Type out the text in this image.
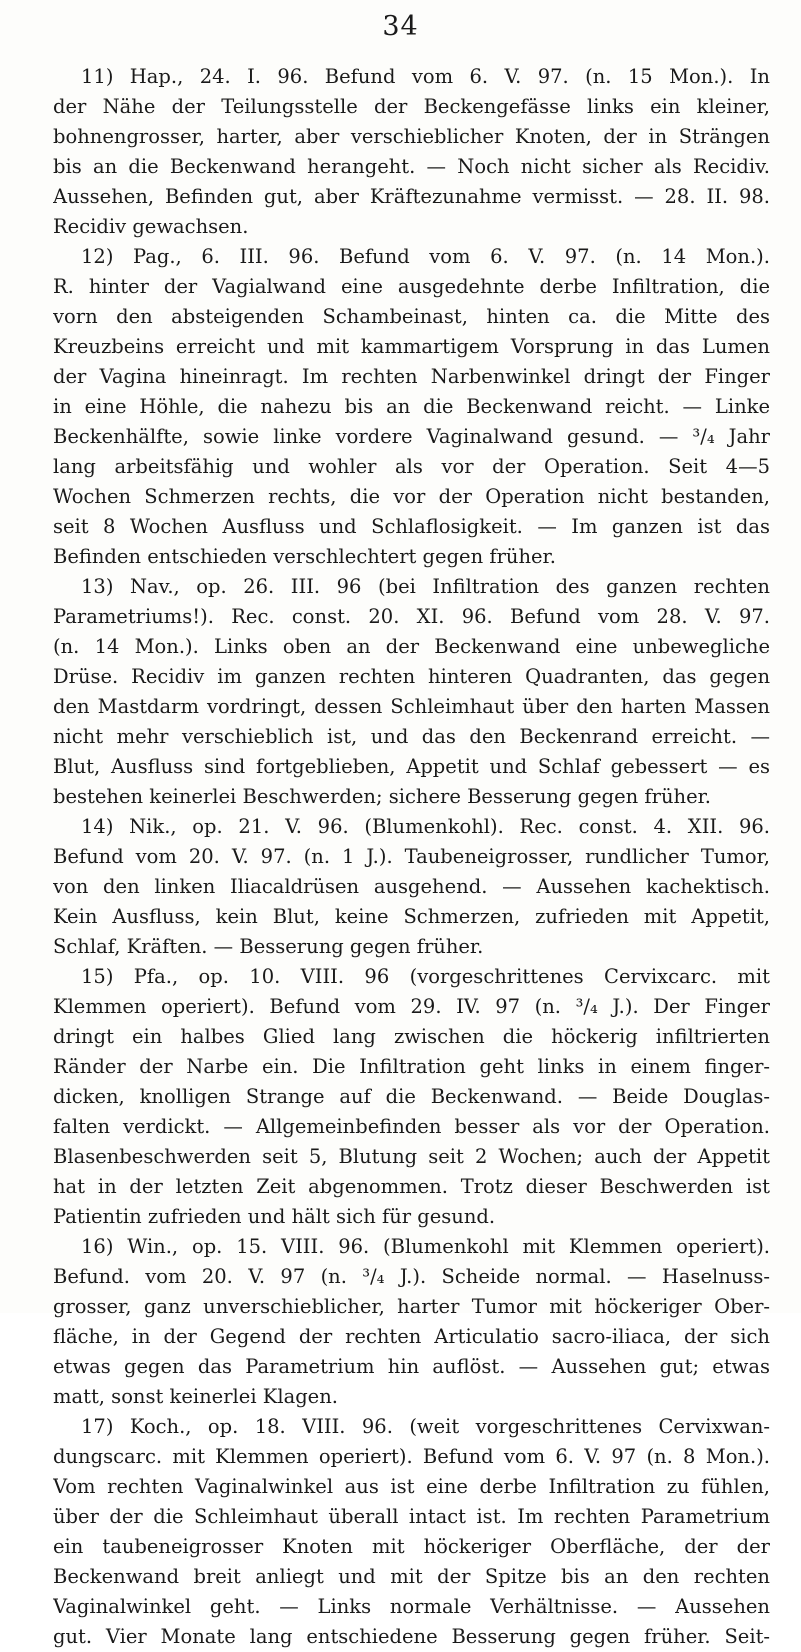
34
11) Hap., 24. I. 96. Befund vom 6. V. 97. (n. 15 Mon.). In
der Nähe der Teilungsstelle der Beckengefässe links ein kleiner,
bohnengrosser, harter, aber verschieblicher Knoten, der in Strängen
bis an die Beckenwand herangeht. — Noch nicht sicher als Recidiv.
Aussehen, Befinden gut, aber Kräftezunahme vermisst. — 28. II. 98.
Recidiv gewachsen.
12) Pag., 6. III. 96. Befund vom 6. V. 97. (n. 14 Mon.).
R. hinter der Vagialwand eine ausgedehnte derbe Infiltration, die
vorn den absteigenden Schambeinast, hinten ca. die Mitte des
Kreuzbeins erreicht und mit kammartigem Vorsprung in das Lumen
der Vagina hineinragt. Im rechten Narbenwinkel dringt der Finger
in eine Höhle, die nahezu bis an die Beckenwand reicht. — Linke
Beckenhälfte, sowie linke vordere Vaginalwand gesund. — ³/₄ Jahr
lang arbeitsfähig und wohler als vor der Operation. Seit 4—5
Wochen Schmerzen rechts, die vor der Operation nicht bestanden,
seit 8 Wochen Ausfluss und Schlaflosigkeit. — Im ganzen ist das
Befinden entschieden verschlechtert gegen früher.
13) Nav., op. 26. III. 96 (bei Infiltration des ganzen rechten
Parametriums!). Rec. const. 20. XI. 96. Befund vom 28. V. 97.
(n. 14 Mon.). Links oben an der Beckenwand eine unbewegliche
Drüse. Recidiv im ganzen rechten hinteren Quadranten, das gegen
den Mastdarm vordringt, dessen Schleimhaut über den harten Massen
nicht mehr verschieblich ist, und das den Beckenrand erreicht. —
Blut, Ausfluss sind fortgeblieben, Appetit und Schlaf gebessert — es
bestehen keinerlei Beschwerden; sichere Besserung gegen früher.
14) Nik., op. 21. V. 96. (Blumenkohl). Rec. const. 4. XII. 96.
Befund vom 20. V. 97. (n. 1 J.). Taubeneigrosser, rundlicher Tumor,
von den linken Iliacaldrüsen ausgehend. — Aussehen kachektisch.
Kein Ausfluss, kein Blut, keine Schmerzen, zufrieden mit Appetit,
Schlaf, Kräften. — Besserung gegen früher.
15) Pfa., op. 10. VIII. 96 (vorgeschrittenes Cervixcarc. mit
Klemmen operiert). Befund vom 29. IV. 97 (n. ³/₄ J.). Der Finger
dringt ein halbes Glied lang zwischen die höckerig infiltrierten
Ränder der Narbe ein. Die Infiltration geht links in einem finger-
dicken, knolligen Strange auf die Beckenwand. — Beide Douglas-
falten verdickt. — Allgemeinbefinden besser als vor der Operation.
Blasenbeschwerden seit 5, Blutung seit 2 Wochen; auch der Appetit
hat in der letzten Zeit abgenommen. Trotz dieser Beschwerden ist
Patientin zufrieden und hält sich für gesund.
16) Win., op. 15. VIII. 96. (Blumenkohl mit Klemmen operiert).
Befund. vom 20. V. 97 (n. ³/₄ J.). Scheide normal. — Haselnuss-
grosser, ganz unverschieblicher, harter Tumor mit höckeriger Ober-
fläche, in der Gegend der rechten Articulatio sacro-iliaca, der sich
etwas gegen das Parametrium hin auflöst. — Aussehen gut; etwas
matt, sonst keinerlei Klagen.
17) Koch., op. 18. VIII. 96. (weit vorgeschrittenes Cervixwan-
dungscarc. mit Klemmen operiert). Befund vom 6. V. 97 (n. 8 Mon.).
Vom rechten Vaginalwinkel aus ist eine derbe Infiltration zu fühlen,
über der die Schleimhaut überall intact ist. Im rechten Parametrium
ein taubeneigrosser Knoten mit höckeriger Oberfläche, der der
Beckenwand breit anliegt und mit der Spitze bis an den rechten
Vaginalwinkel geht. — Links normale Verhältnisse. — Aussehen
gut. Vier Monate lang entschiedene Besserung gegen früher. Seit-
